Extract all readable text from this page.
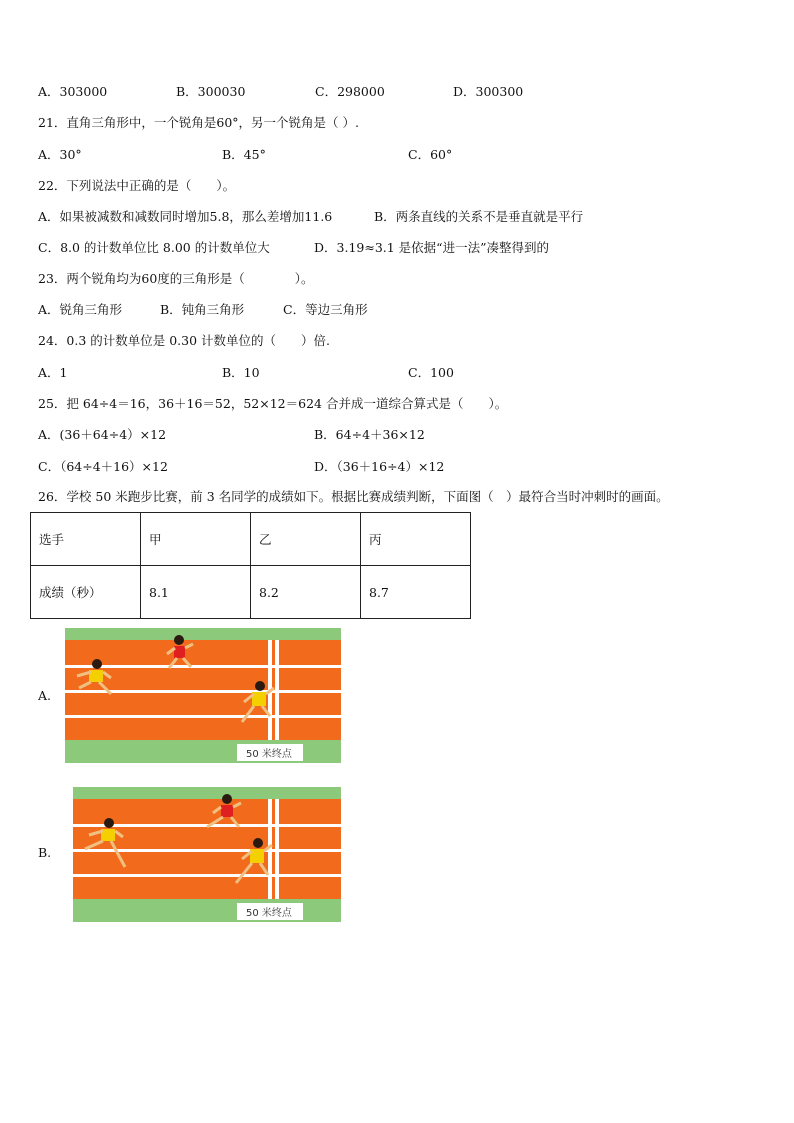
A．303000	B．300030	C．298000	D．300300
21．直角三角形中，一个锐角是60°，另一个锐角是（ ）.
A．30°	B．45°	C．60°
22．下列说法中正确的是（　　）。
A．如果被减数和减数同时增加5.8，那么差增加11.6	B．两条直线的关系不是垂直就是平行
C．8.0 的计数单位比 8.00 的计数单位大	D．3.19≈3.1 是依据“进一法”凑整得到的
23．两个锐角均为60度的三角形是（　　　　）。
A．锐角三角形	B．钝角三角形	C．等边三角形
24．0.3 的计数单位是 0.30 计数单位的（　　）倍.
A．1	B．10	C．100
25．把 64÷4＝16，36＋16＝52，52×12＝624 合并成一道综合算式是（　　）。
A．(36＋64÷4）×12	B．64÷4＋36×12
C．（64÷4＋16）×12	D．（36＋16÷4）×12
26．学校 50 米跑步比赛，前 3 名同学的成绩如下。根据比赛成绩判断，下面图（　）最符合当时冲刺时的画面。
选手	甲	乙	丙
成绩（秒）	8.1	8.2	8.7
A.
50 米终点
B.
50 米终点
